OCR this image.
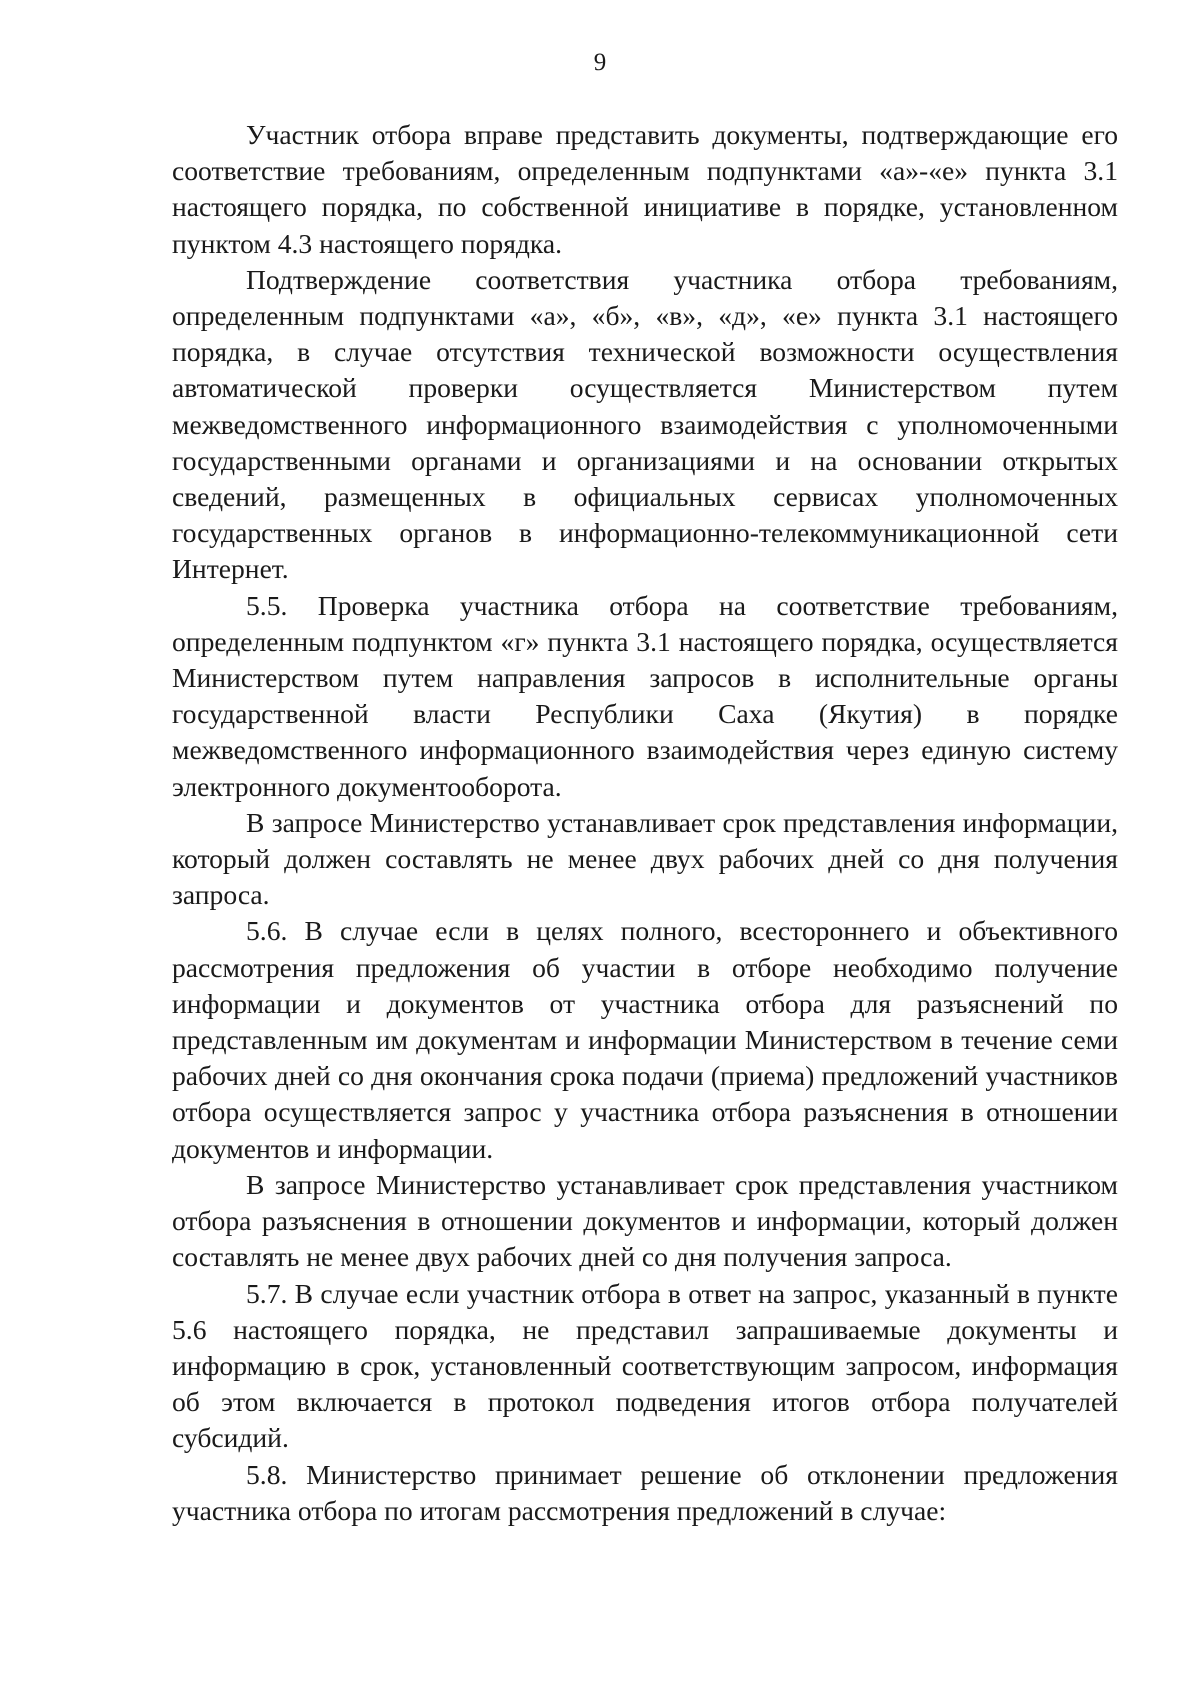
9

Участник отбора вправе представить документы, подтверждающие его соответствие требованиям, определенным подпунктами «а»-«е» пункта 3.1 настоящего порядка, по собственной инициативе в порядке, установленном пунктом 4.3 настоящего порядка.

Подтверждение соответствия участника отбора требованиям, определенным подпунктами «а», «б», «в», «д», «е» пункта 3.1 настоящего порядка, в случае отсутствия технической возможности осуществления автоматической проверки осуществляется Министерством путем межведомственного информационного взаимодействия с уполномоченными государственными органами и организациями и на основании открытых сведений, размещенных в официальных сервисах уполномоченных государственных органов в информационно-телекоммуникационной сети Интернет.

5.5. Проверка участника отбора на соответствие требованиям, определенным подпунктом «г» пункта 3.1 настоящего порядка, осуществляется Министерством путем направления запросов в исполнительные органы государственной власти Республики Саха (Якутия) в порядке межведомственного информационного взаимодействия через единую систему электронного документооборота.

В запросе Министерство устанавливает срок представления информации, который должен составлять не менее двух рабочих дней со дня получения запроса.

5.6. В случае если в целях полного, всестороннего и объективного рассмотрения предложения об участии в отборе необходимо получение информации и документов от участника отбора для разъяснений по представленным им документам и информации Министерством в течение семи рабочих дней со дня окончания срока подачи (приема) предложений участников отбора осуществляется запрос у участника отбора разъяснения в отношении документов и информации.

В запросе Министерство устанавливает срок представления участником отбора разъяснения в отношении документов и информации, который должен составлять не менее двух рабочих дней со дня получения запроса.

5.7. В случае если участник отбора в ответ на запрос, указанный в пункте 5.6 настоящего порядка, не представил запрашиваемые документы и информацию в срок, установленный соответствующим запросом, информация об этом включается в протокол подведения итогов отбора получателей субсидий.

5.8. Министерство принимает решение об отклонении предложения участника отбора по итогам рассмотрения предложений в случае:
